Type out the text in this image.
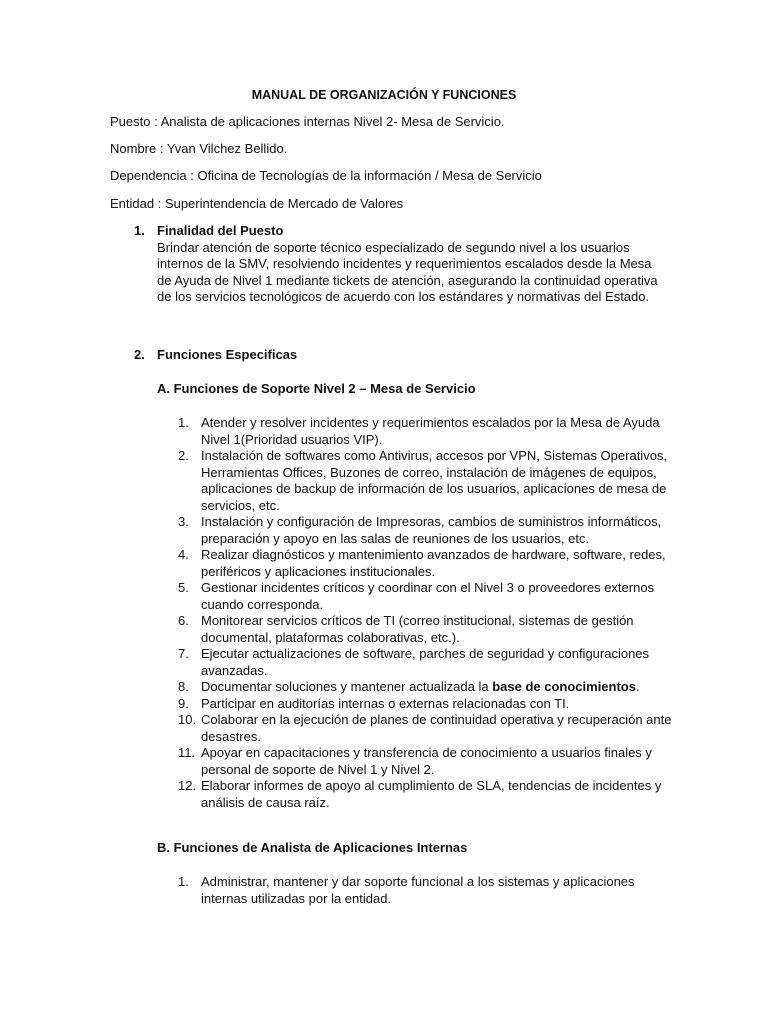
MANUAL DE ORGANIZACIÓN Y FUNCIONES
Puesto : Analista de aplicaciones internas Nivel 2- Mesa de Servicio.
Nombre : Yvan Vilchez Bellido.
Dependencia : Oficina de Tecnologías de la información / Mesa de Servicio
Entidad : Superintendencia de Mercado de Valores
1. Finalidad del Puesto
Brindar atención de soporte técnico especializado de segundo nivel a los usuarios internos de la SMV, resolviendo incidentes y requerimientos escalados desde la Mesa de Ayuda de Nivel 1 mediante tickets de atención, asegurando la continuidad operativa de los servicios tecnológicos de acuerdo con los estándares y normativas del Estado.
2. Funciones Especificas
A. Funciones de Soporte Nivel 2 – Mesa de Servicio
1. Atender y resolver incidentes y requerimientos escalados por la Mesa de Ayuda Nivel 1(Prioridad usuarios VIP).
2. Instalación de softwares como Antivirus, accesos por VPN, Sistemas Operativos, Herramientas Offices, Buzones de correo, instalación de imágenes de equipos, aplicaciones de backup de información de los usuarios, aplicaciones de mesa de servicios, etc.
3. Instalación y configuración de Impresoras, cambios de suministros informáticos, preparación y apoyo en las salas de reuniones de los usuarios, etc.
4. Realizar diagnósticos y mantenimiento avanzados de hardware, software, redes, periféricos y aplicaciones institucionales.
5. Gestionar incidentes críticos y coordinar con el Nivel 3 o proveedores externos cuando corresponda.
6. Monitorear servicios críticos de TI (correo institucional, sistemas de gestión documental, plataformas colaborativas, etc.).
7. Ejecutar actualizaciones de software, parches de seguridad y configuraciones avanzadas.
8. Documentar soluciones y mantener actualizada la base de conocimientos.
9. Participar en auditorías internas o externas relacionadas con TI.
10. Colaborar en la ejecución de planes de continuidad operativa y recuperación ante desastres.
11. Apoyar en capacitaciones y transferencia de conocimiento a usuarios finales y personal de soporte de Nivel 1 y Nivel 2.
12. Elaborar informes de apoyo al cumplimiento de SLA, tendencias de incidentes y análisis de causa raíz.
B. Funciones de Analista de Aplicaciones Internas
1. Administrar, mantener y dar soporte funcional a los sistemas y aplicaciones internas utilizadas por la entidad.
